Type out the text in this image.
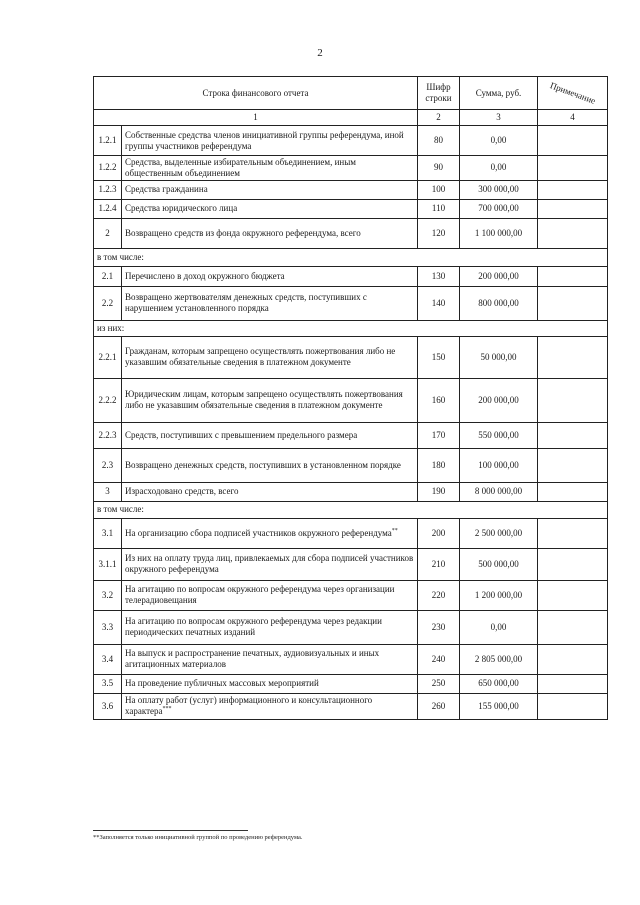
2
Строка финансового отчета		Шифр строки	Сумма, руб.	Примечание
1		2	3	4
1.2.1	Собственные средства членов инициативной группы референдума, иной группы участников референдума	80	0,00	
1.2.2	Средства, выделенные избирательным объединением, иным общественным объединением	90	0,00	
1.2.3	Средства гражданина	100	300 000,00	
1.2.4	Средства юридического лица	110	700 000,00	
2	Возвращено средств из фонда окружного референдума, всего	120	1 100 000,00	
в том числе:				
2.1	Перечислено в доход окружного бюджета	130	200 000,00	
2.2	Возвращено жертвователям денежных средств, поступивших с нарушением установленного порядка	140	800 000,00	
из них:				
2.2.1	Гражданам, которым запрещено осуществлять пожертвования либо не указавшим обязательные сведения в платежном документе	150	50 000,00	
2.2.2	Юридическим лицам, которым запрещено осуществлять пожертвования либо не указавшим обязательные сведения в платежном документе	160	200 000,00	
2.2.3	Средств, поступивших с превышением предельного размера	170	550 000,00	
2.3	Возвращено денежных средств, поступивших в установленном порядке	180	100 000,00	
3	Израсходовано средств, всего	190	8 000 000,00	
в том числе:				
3.1	На организацию сбора подписей участников окружного референдума**	200	2 500 000,00	
3.1.1	Из них на оплату труда лиц, привлекаемых для сбора подписей участников окружного референдума	210	500 000,00	
3.2	На агитацию по вопросам окружного референдума через организации телерадиовещания	220	1 200 000,00	
3.3	На агитацию по вопросам окружного референдума через редакции периодических печатных изданий	230	0,00	
3.4	На выпуск и распространение печатных, аудиовизуальных и иных агитационных материалов	240	2 805 000,00	
3.5	На проведение публичных массовых мероприятий	250	650 000,00	
3.6	На оплату работ (услуг) информационного и консультационного характера***	260	155 000,00	
**Заполняется только инициативной группой по проведению референдума.
